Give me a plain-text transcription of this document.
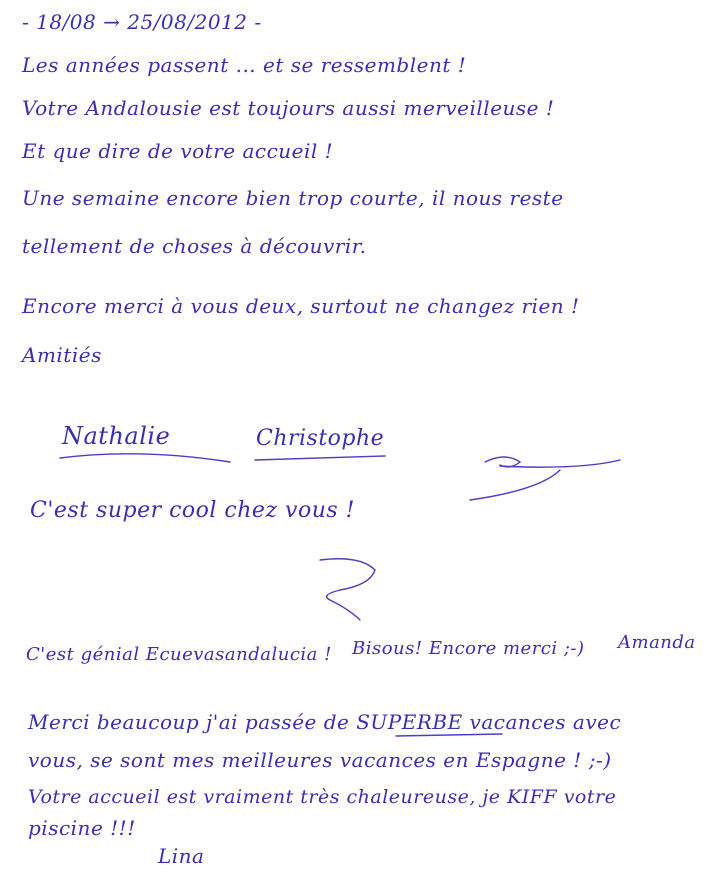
- 18/08 → 25/08/2012 -
Les années passent ... et se ressemblent !
Votre Andalousie est toujours aussi merveilleuse !
Et que dire de votre accueil !
Une semaine encore bien trop courte, il nous reste
tellement de choses à découvrir.
Encore merci à vous deux, surtout ne changez rien !
Amitiés
Nathalie	Christophe
C'est super cool chez vous !
C'est génial Ecuevasandalucia ! Bisous! Encore merci ;-) Amanda
Merci beaucoup j'ai passée de SUPERBE vacances avec
vous, se sont mes meilleures vacances en Espagne ! ;-)
Votre accueil est vraiment très chaleureuse, je KIFF votre
piscine !!!
Lina
